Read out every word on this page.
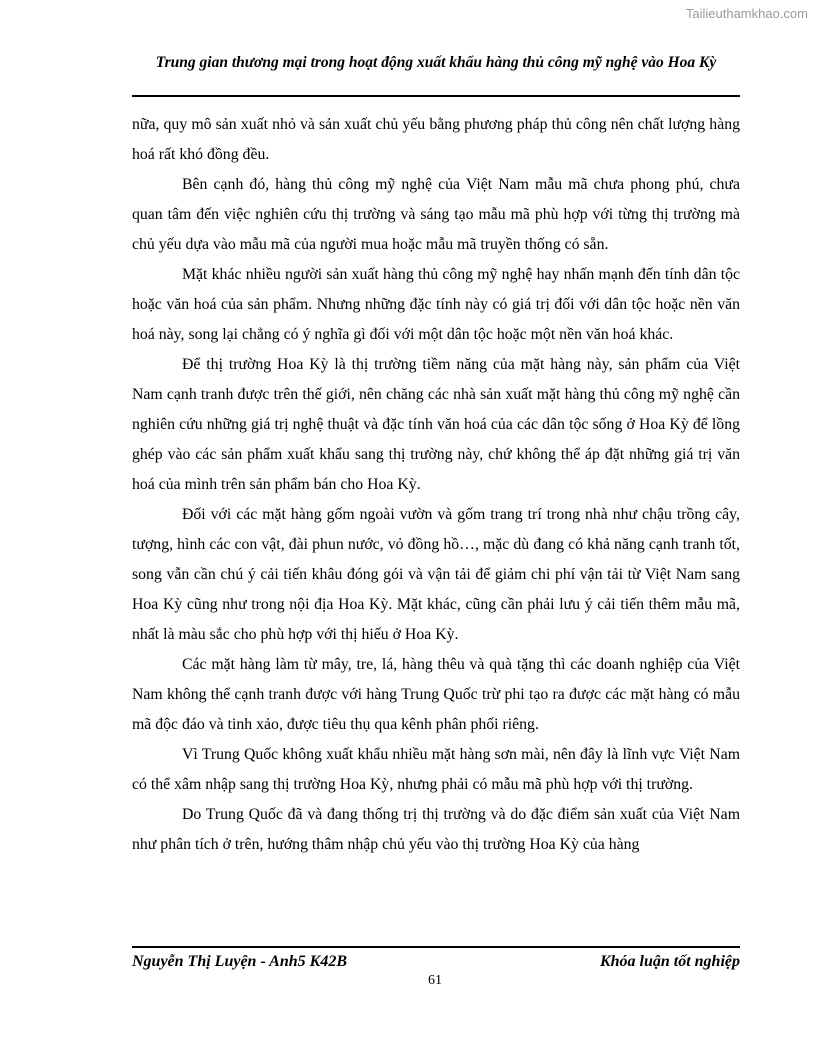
Tailieuthamkhao.com
Trung gian thương mại trong hoạt động xuất khẩu hàng thủ công mỹ nghệ vào Hoa Kỳ

nữa, quy mô sản xuất nhỏ và sản xuất chủ yếu bằng phương pháp thủ công nên chất lượng hàng hoá rất khó đồng đều.

Bên cạnh đó, hàng thủ công mỹ nghệ của Việt Nam mẫu mã chưa phong phú, chưa quan tâm đến việc nghiên cứu thị trường và sáng tạo mẫu mã phù hợp với từng thị trường mà chủ yếu dựa vào mẫu mã của người mua hoặc mẫu mã truyền thống có sẵn.

Mặt khác nhiều người sản xuất hàng thủ công mỹ nghệ hay nhấn mạnh đến tính dân tộc hoặc văn hoá của sản phẩm. Nhưng những đặc tính này có giá trị đối với dân tộc hoặc nền văn hoá này, song lại chẳng có ý nghĩa gì đối với một dân tộc hoặc một nền văn hoá khác.

Để thị trường Hoa Kỳ là thị trường tiềm năng của mặt hàng này, sản phẩm của Việt Nam cạnh tranh được trên thế giới, nên chăng các nhà sản xuất mặt hàng thủ công mỹ nghệ cần nghiên cứu những giá trị nghệ thuật và đặc tính văn hoá của các dân tộc sống ở Hoa Kỳ để lồng ghép vào các sản phẩm xuất khẩu sang thị trường này, chứ không thể áp đặt những giá trị văn hoá của mình trên sản phẩm bán cho Hoa Kỳ.

Đối với các mặt hàng gốm ngoài vườn và gốm trang trí trong nhà như chậu trồng cây, tượng, hình các con vật, đài phun nước, vỏ đồng hồ…, mặc dù đang có khả năng cạnh tranh tốt, song vẫn cần chú ý cải tiến khâu đóng gói và vận tải để giảm chi phí vận tải từ Việt Nam sang Hoa Kỳ cũng như trong nội địa Hoa Kỳ. Mặt khác, cũng cần phải lưu ý cải tiến thêm mẫu mã, nhất là màu sắc cho phù hợp với thị hiếu ở Hoa Kỳ.

Các mặt hàng làm từ mây, tre, lá, hàng thêu và quà tặng thì các doanh nghiệp của Việt Nam không thể cạnh tranh được với hàng Trung Quốc trừ phi tạo ra được các mặt hàng có mẫu mã độc đáo và tinh xảo, được tiêu thụ qua kênh phân phối riêng.

Vì Trung Quốc không xuất khẩu nhiều mặt hàng sơn mài, nên đây là lĩnh vực Việt Nam có thể xâm nhập sang thị trường Hoa Kỳ, nhưng phải có mẫu mã phù hợp với thị trường.

Do Trung Quốc đã và đang thống trị thị trường và do đặc điểm sản xuất của Việt Nam như phân tích ở trên, hướng thâm nhập chủ yếu vào thị trường Hoa Kỳ của hàng

Nguyễn Thị Luyện - Anh5 K42B	Khóa luận tốt nghiệp
61
